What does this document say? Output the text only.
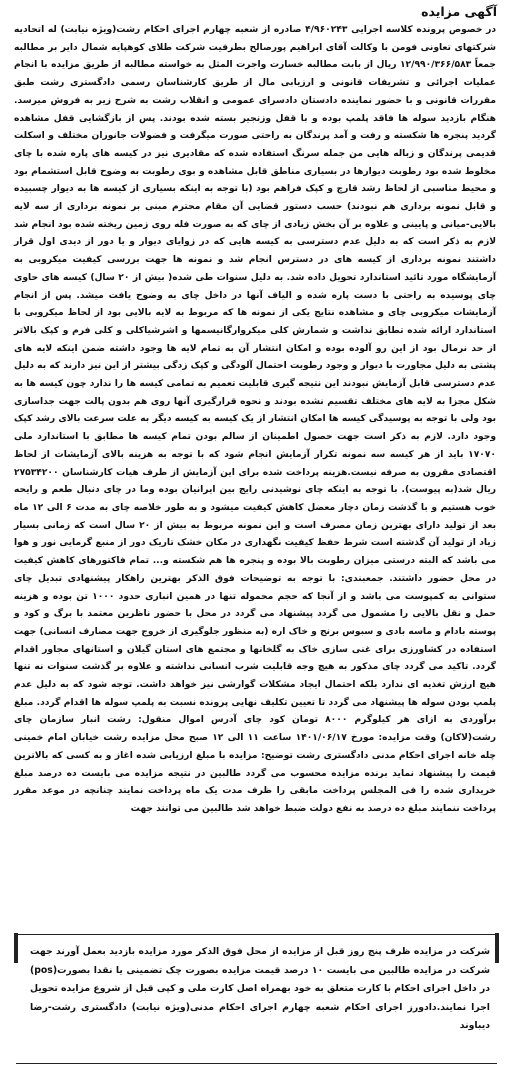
آگهی مزایده
در خصوص پرونده کلاسه اجرایی ۴/۹۶۰۲۴۳ صادره از شعبه چهارم اجرای احکام رشت(ویژه نیابت) له اتحادیه شرکتهای تعاونی فومن با وکالت آقای ابراهیم پورصالح بطرفیت شرکت طلای کوهپایه شمال دایر بر مطالبه جمعاً ۱۲/۹۹۰/۳۶۶/۵۸۳ ریال از بابت مطالبه خسارت واجرت المثل به خواسته مطالبه از طریق مزایده با انجام عملیات اجرائی و تشریفات قانونی و ارزیابی مال از طریق کارشناسان رسمی دادگستری رشت طبق مقررات قانونی و با حضور نماینده دادستان دادسرای عمومی و انقلاب رشت به شرح زیر به فروش میرسد. هنگام بازدید سوله ها فاقد پلمپ بوده و با قفل وزنجیر بسته شده بودند. پس از بازگشایی قفل مشاهده گردید پنجره ها شکسته و رفت و آمد پرندگان به راحتی صورت میگرفت و فضولات جانوران مختلف و اسکلت قدیمی پرندگان و زباله هایی من جمله سرنگ استفاده شده که مقادیری نیز در کیسه های پاره شده با چای مخلوط شده بود رطوبت دیوارها در بسیاری مناطق قابل مشاهده و بوی رطوبت به وضوح قابل استشمام بود و محیط مناسبی از لحاظ رشد قارچ و کپک فراهم بود (با توجه به اینکه بسیاری از کیسه ها به دیوار چسبیده و قابل نمونه برداری هم نبودند) حسب دستور قضایی آن مقام محترم مبنی بر نمونه برداری از سه لایه بالایی-میانی و پایینی و علاوه بر آن بخش زیادی از چای که به صورت فله روی زمین ریخته شده بود انجام شد لازم به ذکر است که به دلیل عدم دسترسی به کیسه هایی که در زوایای دیوار و یا دور از دیدی اول قرار داشتند نمونه برداری از کیسه های در دسترس انجام شد و نمونه ها جهت بررسی کیفیت میکروبی به آزمایشگاه مورد تائید استاندارد تحویل داده شد. به دلیل سنوات طی شده( بیش از ۲۰ سال) کیسه های حاوی چای پوسیده به راحتی با دست پاره شده و الیاف آنها در داخل چای به وضوح یافت میشد. پس از انجام آزمایشات میکروبی چای و مشاهده نتایج یکی از نمونه ها که مربوط به لایه بالایی بود از لحاظ میکروبی با استاندارد ارائه شده تطابق نداشت و شمارش کلی میکروارگانیسمها و اشرشیاکلی و کلی فرم و کپک بالاتر از حد نرمال بود از این رو آلوده بوده و امکان انتشار آن به تمام لایه ها وجود داشته ضمن اینکه لایه های پشتی به دلیل مجاورت با دیوار و وجود رطوبت احتمال آلودگی و کپک زدگی بیشتر از این نیز دارند که به دلیل عدم دسترسی قابل آزمایش نبودند این نتیجه گیری قابلیت تعمیم به تمامی کیسه ها را ندارد چون کیسه ها به شکل مجزا به لایه های مختلف تقسیم نشده بودند و نحوه قرارگیری آنها روی هم بدون پالت جهت جداسازی بود ولی با توجه به پوسیدگی کیسه ها امکان انتشار از یک کیسه به کیسه دیگر به علت سرعت بالای رشد کپک وجود دارد. لازم به ذکر است جهت حصول اطمینان از سالم بودن تمام کیسه ها مطابق با استاندارد ملی ۱۷۰۷۰ باید از هر کیسه سه نمونه تکرار آزمایش انجام شود که با توجه به هزینه بالای آزمایشات از لحاظ اقتصادی مقرون به صرفه نیست.هزینه پرداخت شده برای این آزمایش از طرف هیات کارشناسان ۲۷۵۳۴۲۰۰ ریال شد(به پیوست). با توجه به اینکه چای نوشیدنی رایج بین ایرانیان بوده وما در چای دنبال طعم و رایحه خوب هستیم و با گذشت زمان دچار معضل کاهش کیفیت میشود و به طور خلاصه چای به مدت ۶ الی ۱۲ ماه بعد از تولید دارای بهترین زمان مصرف است و این نمونه مربوط به بیش از ۲۰ سال است که زمانی بسیار زیاد از تولید آن گذشته است شرط حفظ کیفیت نگهداری در مکان خشک تاریک دور از منبع گرمایی نور و هوا می باشد که البته درستی میزان رطوبت بالا بوده و پنجره ها هم شکسته و... تمام فاکتورهای کاهش کیفیت در محل حضور داشتند. جمعبندی: با توجه به توضیحات فوق الذکر بهترین راهکار پیشنهادی تبدیل چای ستوانی به کمپوست می باشد و از آنجا که حجم محموله تنها در همین انباری حدود ۱۰۰۰ تن بوده و هزینه حمل و نقل بالایی را مشمول می گردد پیشنهاد می گردد در محل با حضور ناظرین معتمد با برگ و کود و پوسته بادام و ماسه بادی و سبوس برنج و خاک اره (به منظور جلوگیری از خروج جهت مصارف انسانی) جهت استفاده در کشاورزی برای غنی سازی خاک به گلخانها و مجتمع های استان گیلان و استانهای مجاور اقدام گردد. تاکید می گردد چای مذکور به هیچ وجه قابلیت شرب انسانی نداشته و علاوه بر گذشت سنوات نه تنها هیچ ارزش تغذیه ای ندارد بلکه احتمال ایجاد مشکلات گوارشی نیز خواهد داشت. توجه شود که به دلیل عدم پلمپ بودن سوله ها پیشنهاد می گردد تا تعیین تکلیف نهایی پرونده نسبت به پلمپ سوله ها اقدام گردد. مبلغ برآوردی به ازای هر کیلوگرم ۸۰۰۰ تومان کود چای آدرس اموال منقول: رشت انبار سازمان چای رشت(لاکان) وقت مزایده: مورخ ۱۴۰۱/۰۶/۱۷ ساعت ۱۱ الی ۱۲ صبح محل مزایده رشت خیابان امام خمینی چله خانه اجرای احکام مدنی دادگستری رشت توضیح: مزایده با مبلغ ارزیابی شده اغاز و به کسی که بالاترین قیمت را پیشنهاد نماید برنده مزایده محسوب می گردد طالبین در نتیجه مزایده می بایست ده درصد مبلغ خریداری شده را فی المجلس پرداخت مابقی را ظرف مدت یک ماه پرداخت نمایند چنانچه در موعد مقرر پرداخت ننمایند مبلغ ده درصد به نفع دولت ضبط خواهد شد طالبین می توانند جهت
شرکت در مزایده ظرف پنج روز قبل از مزایده از محل فوق الذکر مورد مزایده بازدید بعمل آورند جهت شرکت در مزایده طالبین می بایست ۱۰ درصد قیمت مزایده بصورت چک تضمینی یا نقدا بصورت(pos) در داخل اجرای احکام با کارت متعلق به خود بهمراه اصل کارت ملی و کپی قبل از شروع مزایده تحویل اجرا نمایند.دادورز اجرای احکام شعبه چهارم اجرای احکام مدنی(ویژه نیابت) دادگستری رشت-رضا دیباوند
